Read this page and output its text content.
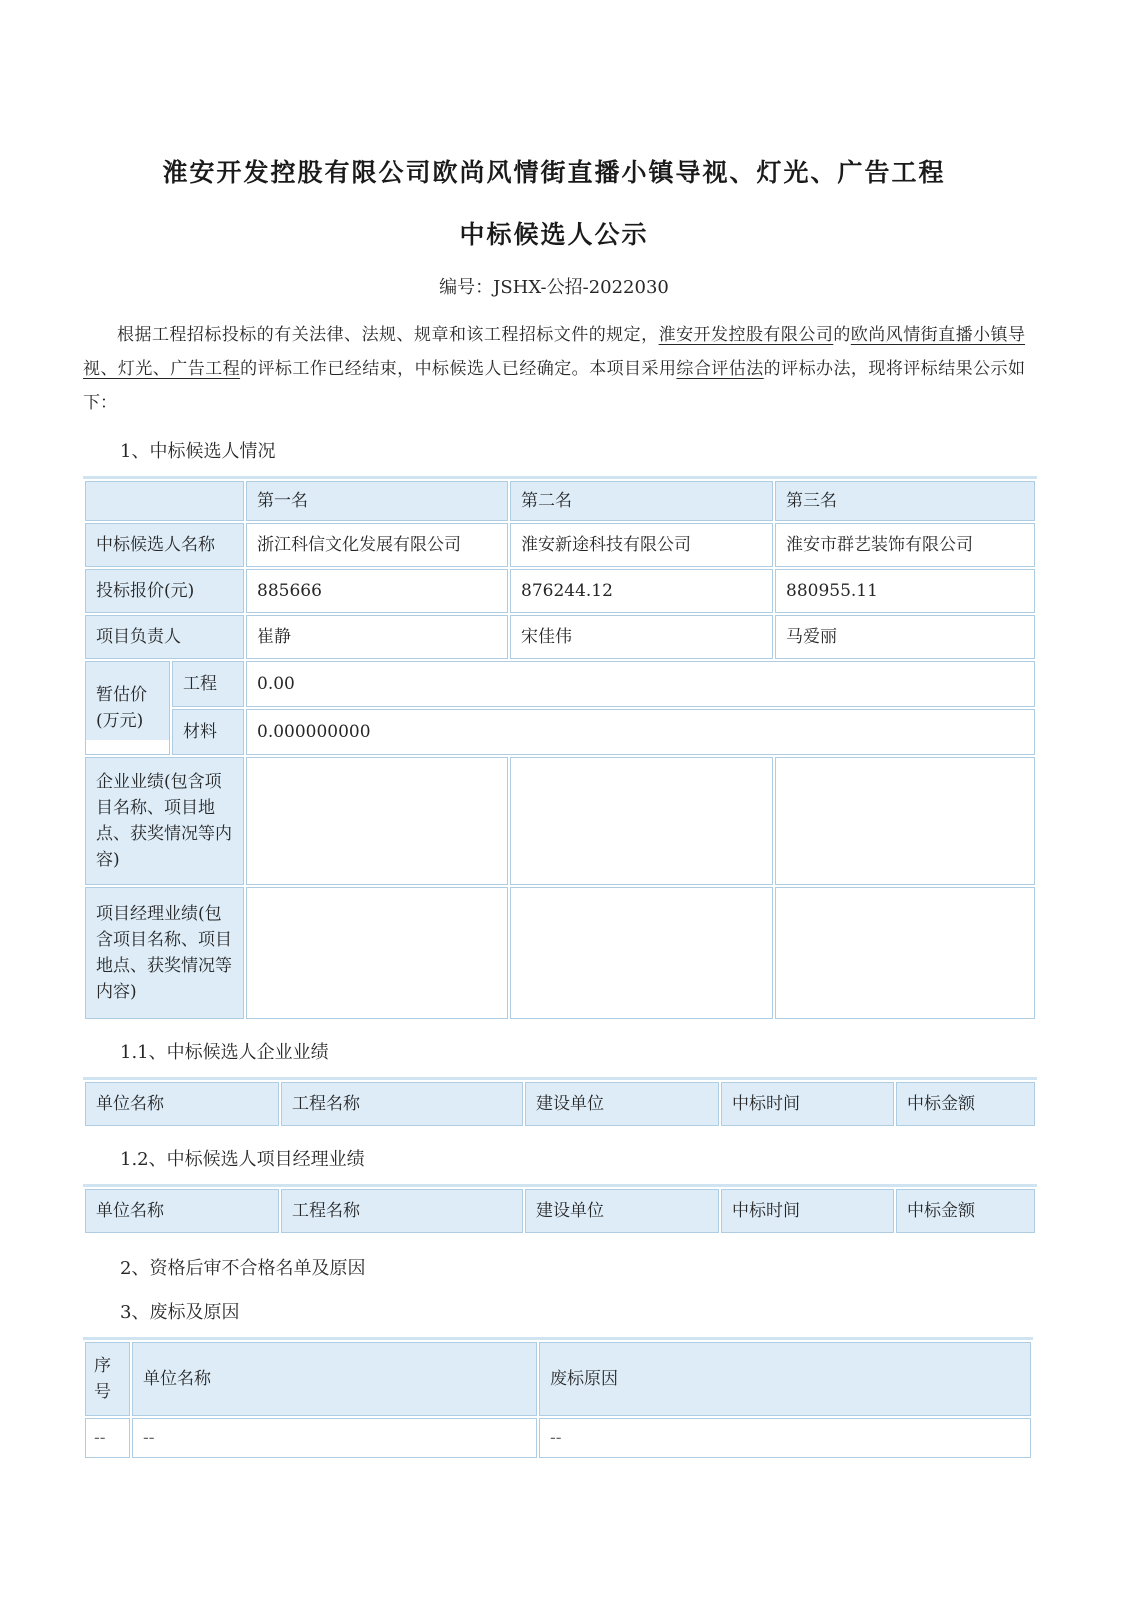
淮安开发控股有限公司欧尚风情街直播小镇导视、灯光、广告工程
中标候选人公示
编号：JSHX-公招-2022030

根据工程招标投标的有关法律、法规、规章和该工程招标文件的规定，淮安开发控股有限公司的欧尚风情街直播小镇导视、灯光、广告工程的评标工作已经结束，中标候选人已经确定。本项目采用综合评估法的评标办法，现将评标结果公示如下：

1、中标候选人情况
		第一名	第二名	第三名
中标候选人名称		浙江科信文化发展有限公司	淮安新途科技有限公司	淮安市群艺装饰有限公司
投标报价(元)		885666	876244.12	880955.11
项目负责人		崔静	宋佳伟	马爱丽
暂估价(万元)	工程	0.00		
	材料	0.000000000		
企业业绩(包含项目名称、项目地点、获奖情况等内容)				
项目经理业绩(包含项目名称、项目地点、获奖情况等内容)				
1.1、中标候选人企业业绩
单位名称	工程名称	建设单位	中标时间	中标金额
1.2、中标候选人项目经理业绩
单位名称	工程名称	建设单位	中标时间	中标金额
2、资格后审不合格名单及原因
3、废标及原因
序号	单位名称	废标原因
--	--	--
